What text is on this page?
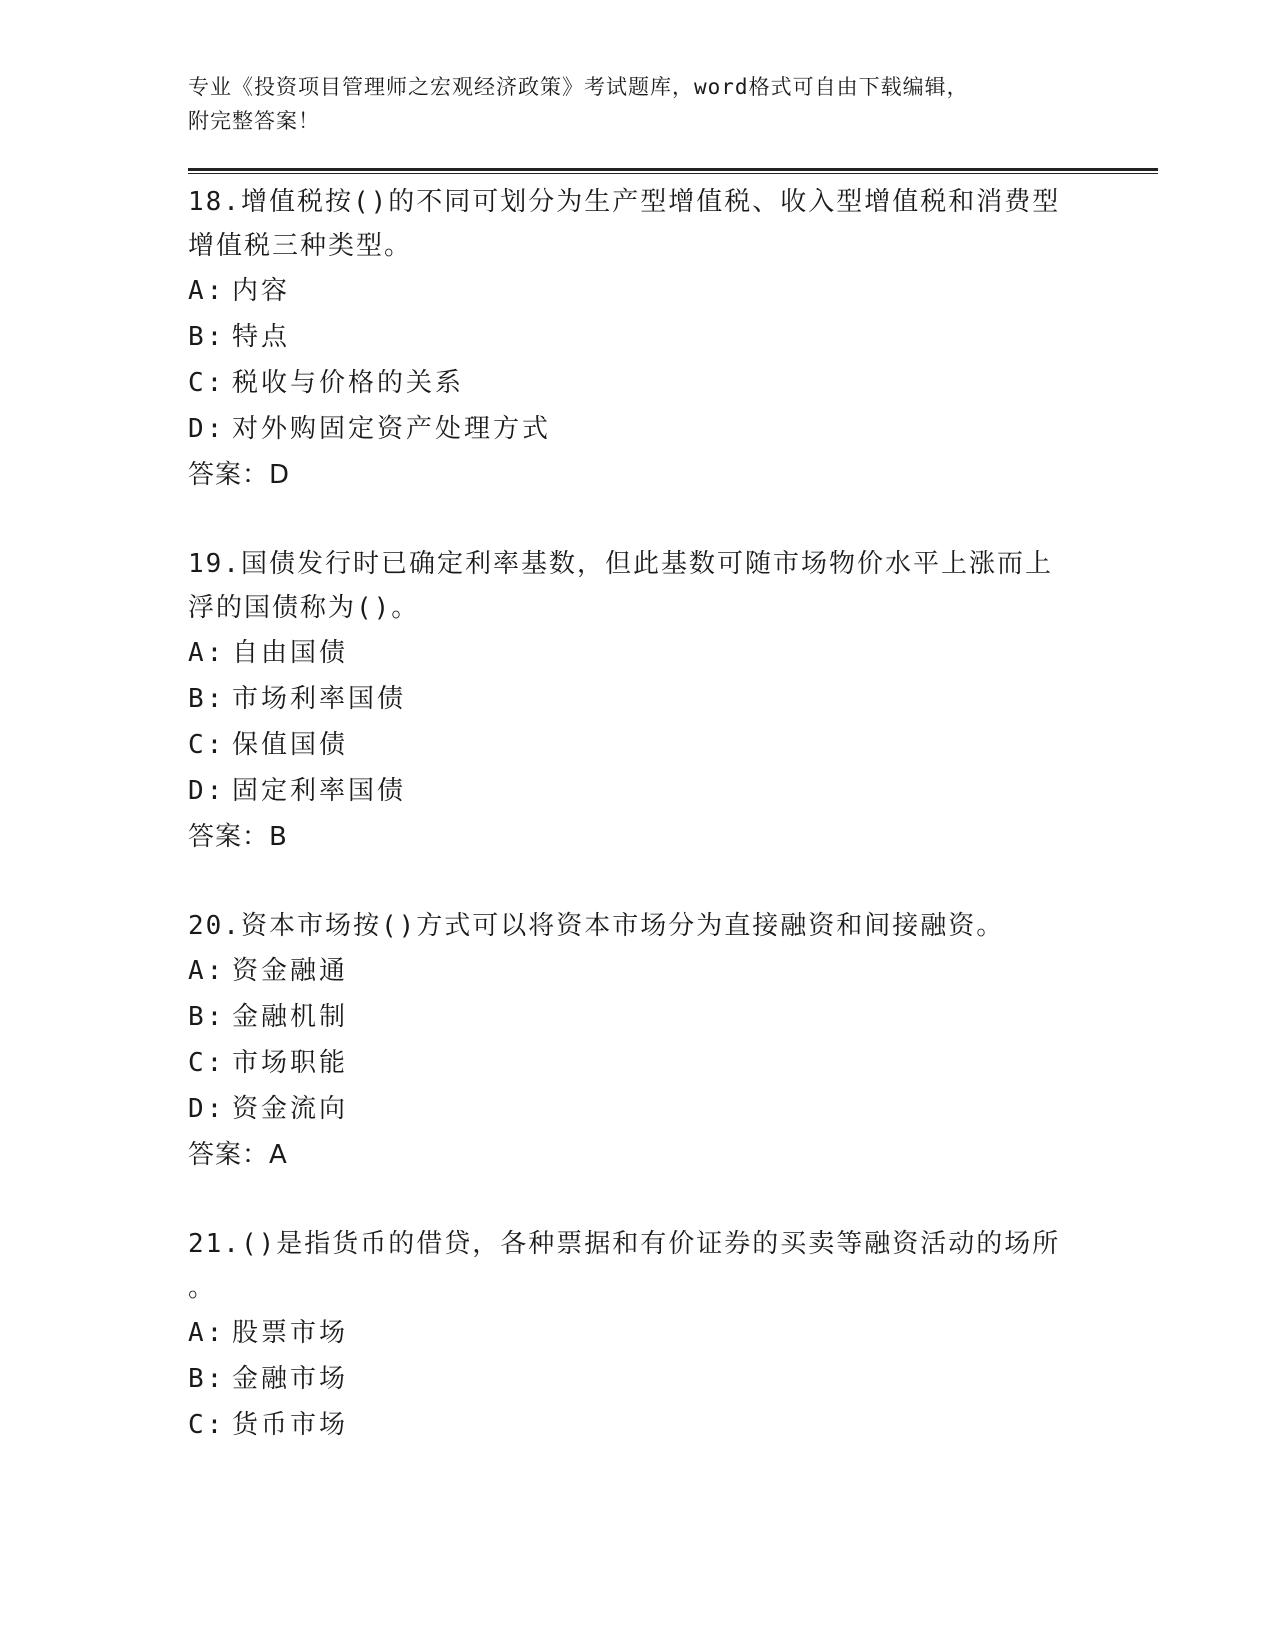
专业《投资项目管理师之宏观经济政策》考试题库，word格式可自由下载编辑，
附完整答案！
18.增值税按()的不同可划分为生产型增值税、收入型增值税和消费型
增值税三种类型。
A: 内容
B: 特点
C: 税收与价格的关系
D: 对外购固定资产处理方式
答案：D
19.国债发行时已确定利率基数，但此基数可随市场物价水平上涨而上
浮的国债称为()。
A: 自由国债
B: 市场利率国债
C: 保值国债
D: 固定利率国债
答案：B
20.资本市场按()方式可以将资本市场分为直接融资和间接融资。
A: 资金融通
B: 金融机制
C: 市场职能
D: 资金流向
答案：A
21.()是指货币的借贷，各种票据和有价证券的买卖等融资活动的场所
。
A: 股票市场
B: 金融市场
C: 货币市场
